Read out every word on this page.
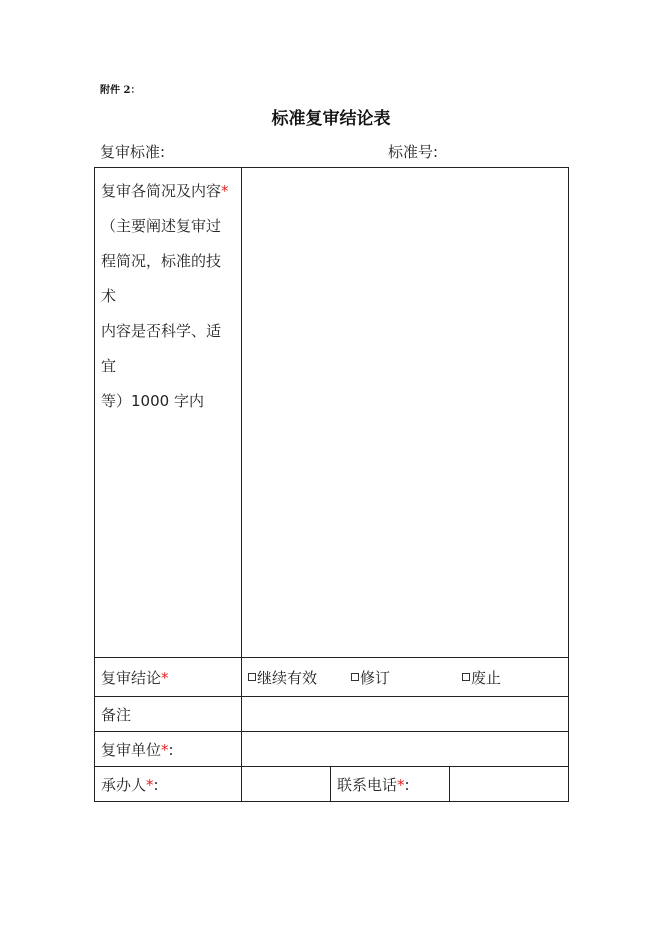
附件 2：
标准复审结论表
复审标准:	标准号:
复审各简况及内容*
（主要阐述复审过
程简况，标准的技术
内容是否科学、适宜
等）1000 字内			

复审结论*	继续有效 修订 废止		

备注			
复审单位*:			
承办人*:		联系电话*:	
